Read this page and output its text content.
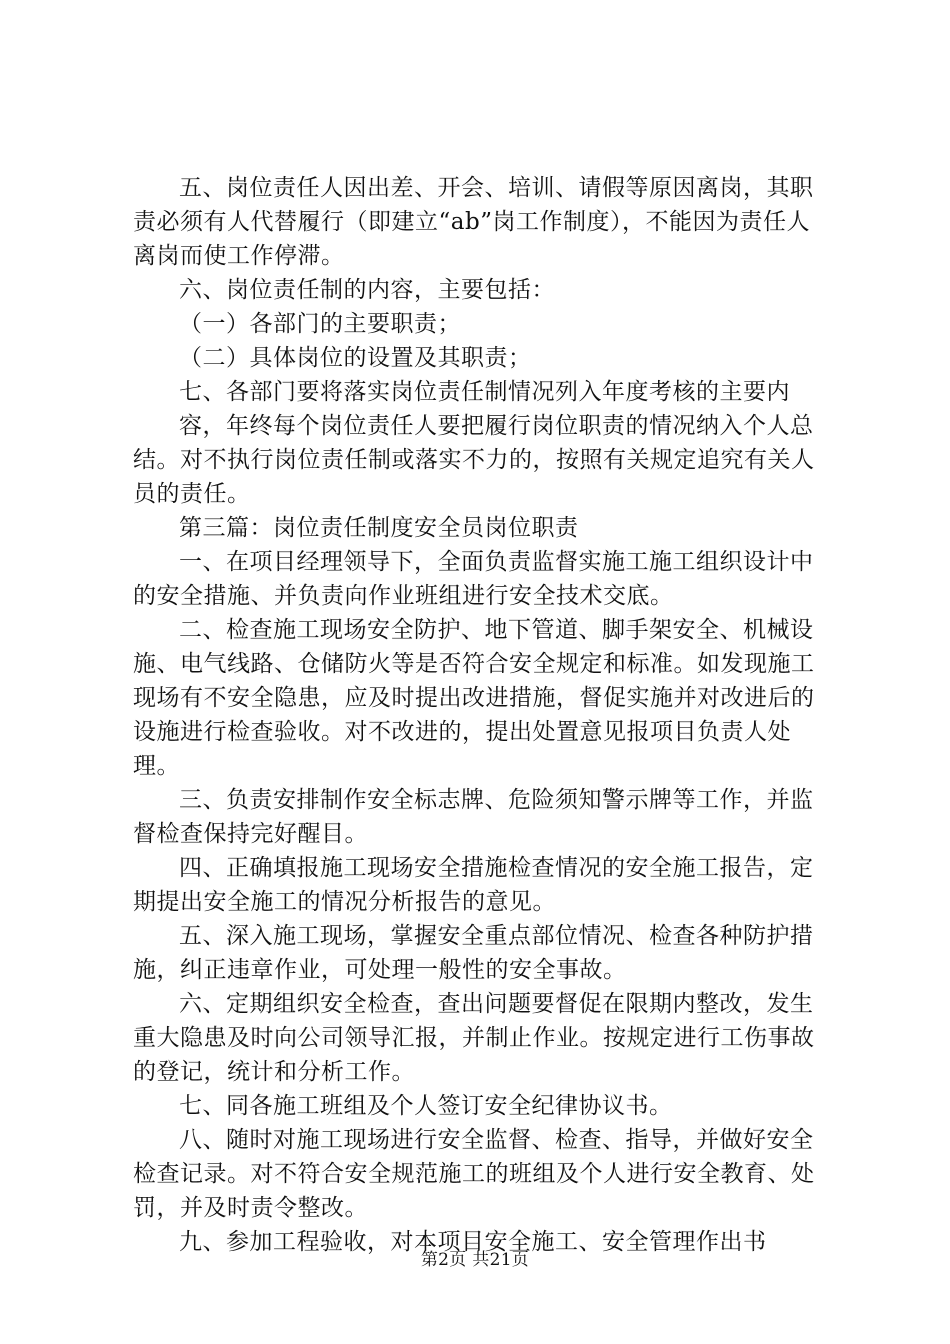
五、岗位责任人因出差、开会、培训、请假等原因离岗，其职责必须有人代替履行（即建立“ab”岗工作制度），不能因为责任人离岗而使工作停滞。

六、岗位责任制的内容，主要包括：

（一）各部门的主要职责；

（二）具体岗位的设置及其职责；

七、各部门要将落实岗位责任制情况列入年度考核的主要内

容，年终每个岗位责任人要把履行岗位职责的情况纳入个人总结。对不执行岗位责任制或落实不力的，按照有关规定追究有关人员的责任。

第三篇：岗位责任制度安全员岗位职责

一、在项目经理领导下，全面负责监督实施工施工组织设计中的安全措施、并负责向作业班组进行安全技术交底。

二、检查施工现场安全防护、地下管道、脚手架安全、机械设施、电气线路、仓储防火等是否符合安全规定和标准。如发现施工现场有不安全隐患，应及时提出改进措施，督促实施并对改进后的设施进行检查验收。对不改进的，提出处置意见报项目负责人处理。

三、负责安排制作安全标志牌、危险须知警示牌等工作，并监督检查保持完好醒目。

四、正确填报施工现场安全措施检查情况的安全施工报告，定期提出安全施工的情况分析报告的意见。

五、深入施工现场，掌握安全重点部位情况、检查各种防护措施，纠正违章作业，可处理一般性的安全事故。

六、定期组织安全检查，查出问题要督促在限期内整改，发生重大隐患及时向公司领导汇报，并制止作业。按规定进行工伤事故的登记，统计和分析工作。

七、同各施工班组及个人签订安全纪律协议书。

八、随时对施工现场进行安全监督、检查、指导，并做好安全检查记录。对不符合安全规范施工的班组及个人进行安全教育、处罚，并及时责令整改。

九、参加工程验收，对本项目安全施工、安全管理作出书

第2页 共21页
